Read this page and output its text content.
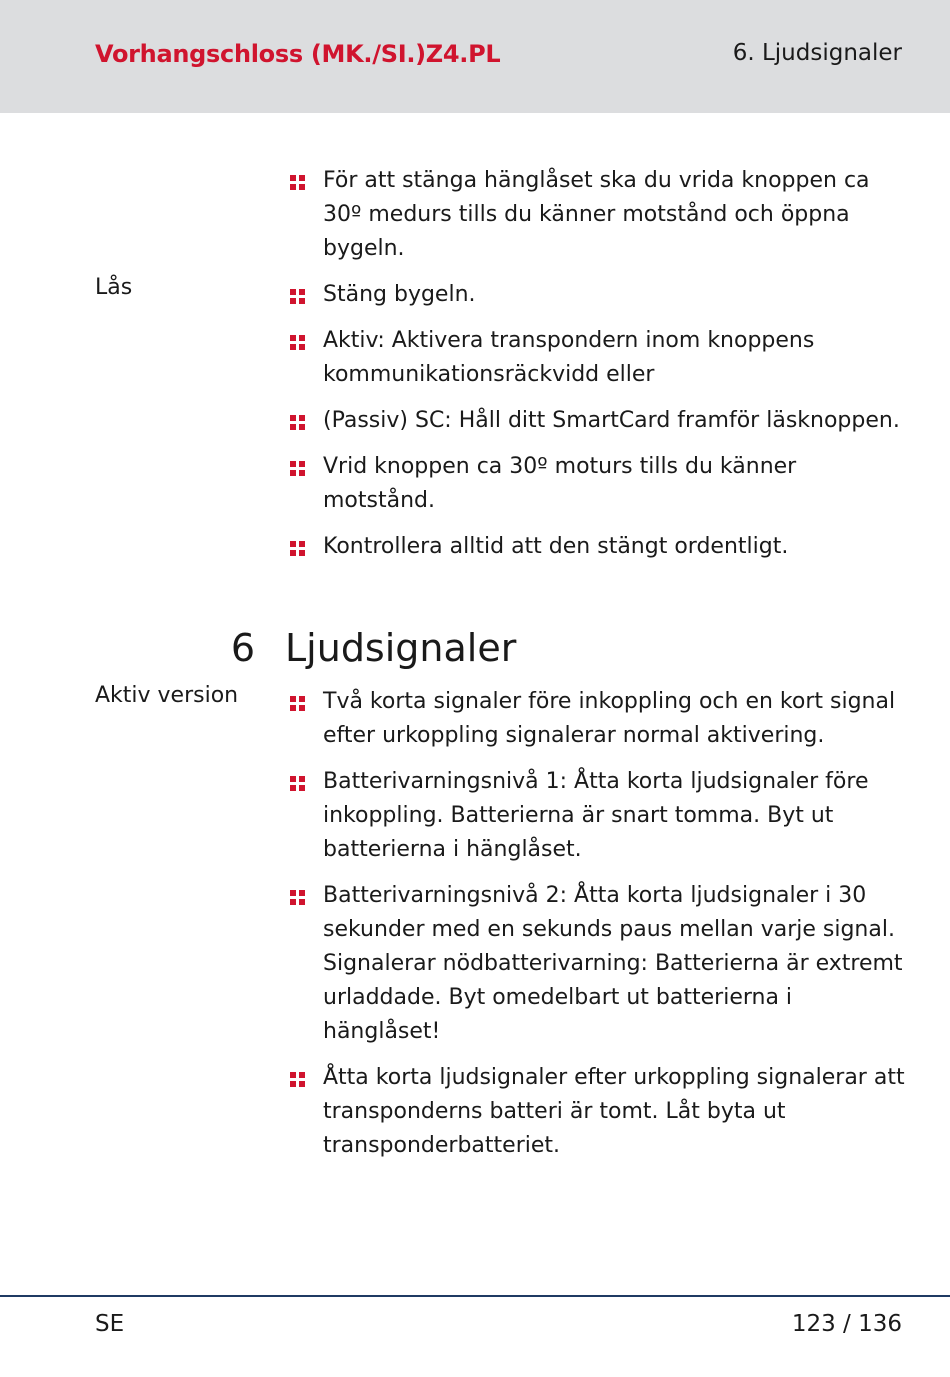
Vorhangschloss (MK./SI.)Z4.PL	6. Ljudsignaler
Lås
För att stänga hänglåset ska du vrida knoppen ca 30º medurs tills du känner motstånd och öppna bygeln.
Stäng bygeln.
Aktiv: Aktivera transpondern inom knoppens kommunikationsräckvidd eller
(Passiv) SC: Håll ditt SmartCard framför läsknoppen.
Vrid knoppen ca 30º moturs tills du känner motstånd.
Kontrollera alltid att den stängt ordentligt.
6 Ljudsignaler
Aktiv version	Två korta signaler före inkoppling och en kort signal efter urkoppling signalerar normal aktivering.
Batterivarningsnivå 1: Åtta korta ljudsignaler före inkoppling. Batterierna är snart tomma. Byt ut batterierna i hänglåset.
Batterivarningsnivå 2: Åtta korta ljudsignaler i 30 sekunder med en sekunds paus mellan varje signal. Signalerar nödbatterivarning: Batterierna är extremt urladdade. Byt omedelbart ut batterierna i hänglåset!
Åtta korta ljudsignaler efter urkoppling signalerar att transponderns batteri är tomt. Låt byta ut transponderbatteriet.
SE	123 / 136
